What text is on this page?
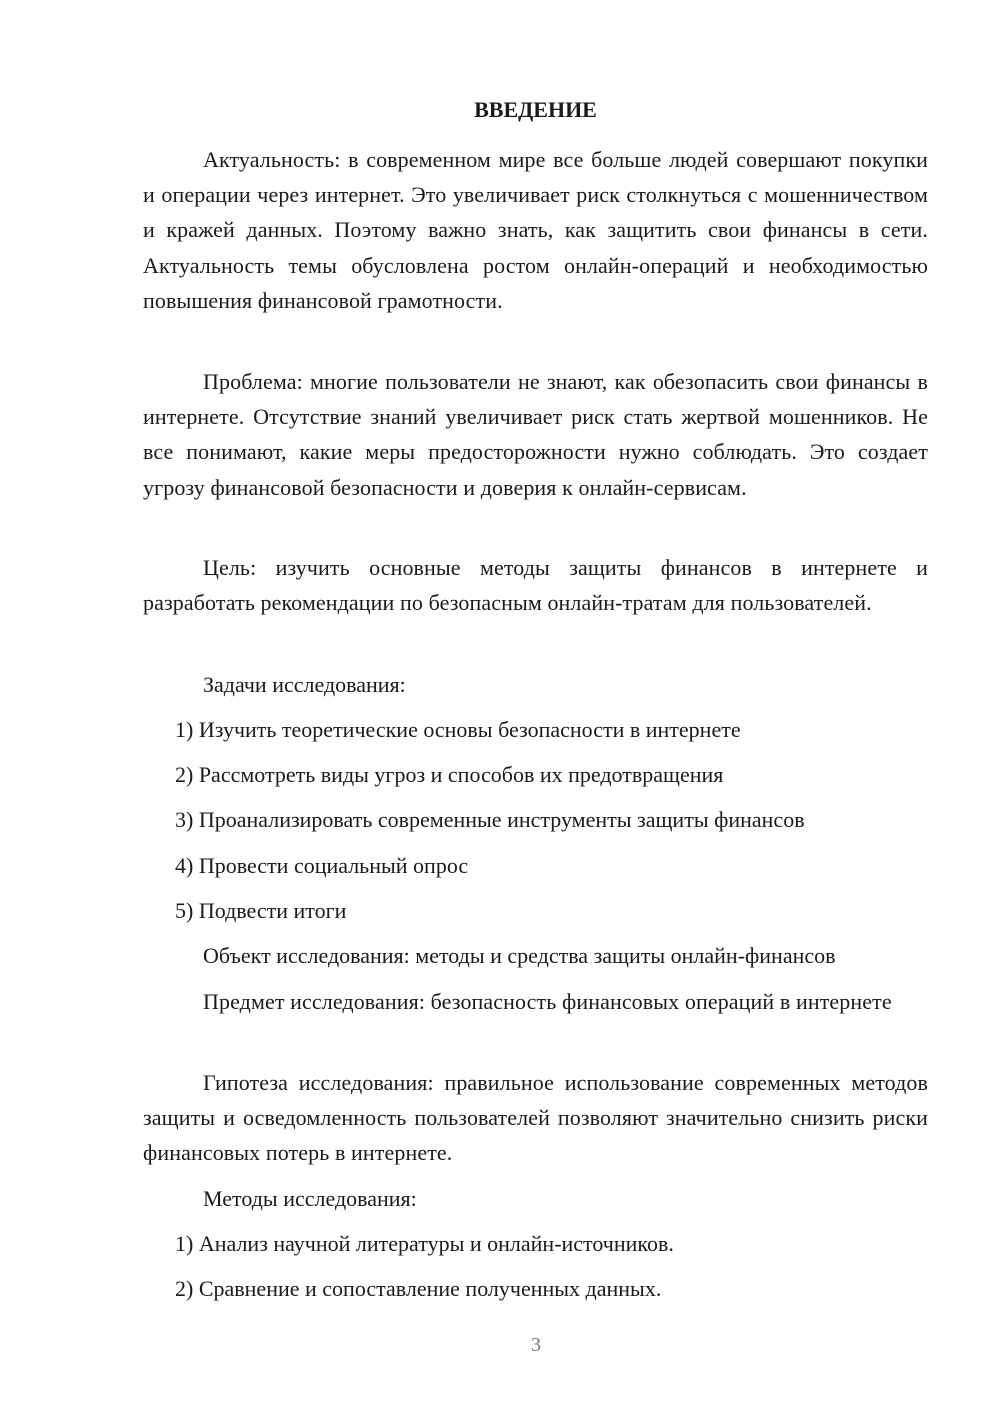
ВВЕДЕНИЕ

Актуальность: в современном мире все больше людей совершают покупки и операции через интернет. Это увеличивает риск столкнуться с мошенничеством и кражей данных. Поэтому важно знать, как защитить свои финансы в сети. Актуальность темы обусловлена ростом онлайн-операций и необходимостью повышения финансовой грамотности.

Проблема: многие пользователи не знают, как обезопасить свои финансы в интернете. Отсутствие знаний увеличивает риск стать жертвой мошенников. Не все понимают, какие меры предосторожности нужно соблюдать. Это создает угрозу финансовой безопасности и доверия к онлайн-сервисам.

Цель: изучить основные методы защиты финансов в интернете и разработать рекомендации по безопасным онлайн-тратам для пользователей.

Задачи исследования:

1) Изучить теоретические основы безопасности в интернете

2) Рассмотреть виды угроз и способов их предотвращения

3) Проанализировать современные инструменты защиты финансов

4) Провести социальный опрос

5) Подвести итоги

Объект исследования: методы и средства защиты онлайн-финансов

Предмет исследования: безопасность финансовых операций в интернете

Гипотеза исследования: правильное использование современных методов защиты и осведомленность пользователей позволяют значительно снизить риски финансовых потерь в интернете.

Методы исследования:

1) Анализ научной литературы и онлайн-источников.

2) Сравнение и сопоставление полученных данных.

3
